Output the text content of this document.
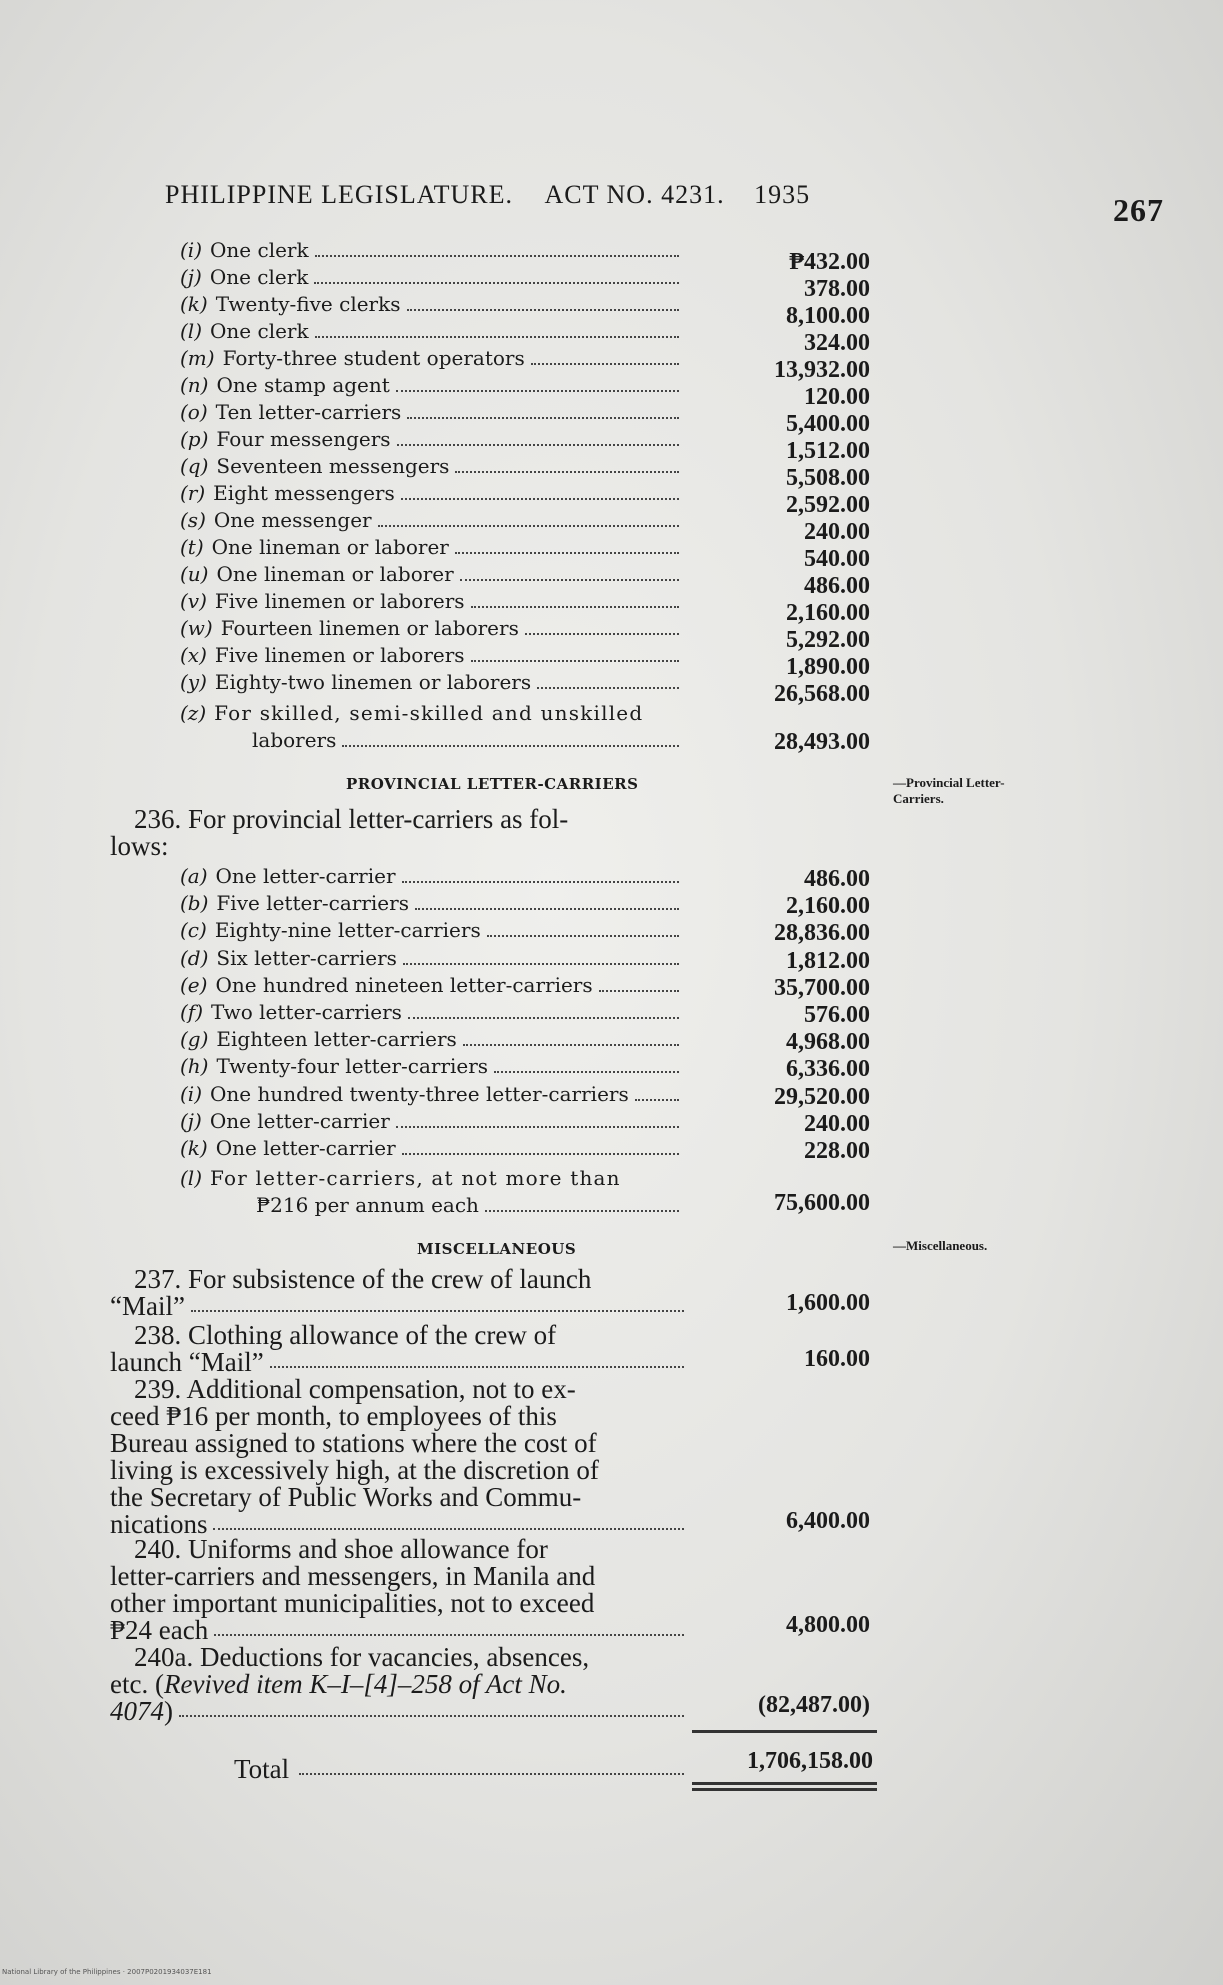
PHILIPPINE LEGISLATURE. ACT NO. 4231. 1935	267
(i) One clerk	₱432.00
(j) One clerk	378.00
(k) Twenty-five clerks	8,100.00
(l) One clerk	324.00
(m) Forty-three student operators	13,932.00
(n) One stamp agent	120.00
(o) Ten letter-carriers	5,400.00
(p) Four messengers	1,512.00
(q) Seventeen messengers	5,508.00
(r) Eight messengers	2,592.00
(s) One messenger	240.00
(t) One lineman or laborer	540.00
(u) One lineman or laborer	486.00
(v) Five linemen or laborers	2,160.00
(w) Fourteen linemen or laborers	5,292.00
(x) Five linemen or laborers	1,890.00
(y) Eighty-two linemen or laborers	26,568.00
(z) For skilled, semi-skilled and unskilled
laborers	28,493.00
PROVINCIAL LETTER-CARRIERS	—Provincial Letter-
Carriers.
236. For provincial letter-carriers as fol-
lows:
(a) One letter-carrier	486.00
(b) Five letter-carriers	2,160.00
(c) Eighty-nine letter-carriers	28,836.00
(d) Six letter-carriers	1,812.00
(e) One hundred nineteen letter-carriers	35,700.00
(f) Two letter-carriers	576.00
(g) Eighteen letter-carriers	4,968.00
(h) Twenty-four letter-carriers	6,336.00
(i) One hundred twenty-three letter-carriers	29,520.00
(j) One letter-carrier	240.00
(k) One letter-carrier	228.00
(l) For letter-carriers, at not more than
₱216 per annum each	75,600.00
MISCELLANEOUS	—Miscellaneous.
237. For subsistence of the crew of launch
“Mail”	1,600.00
238. Clothing allowance of the crew of
launch “Mail”	160.00
239. Additional compensation, not to ex-
ceed ₱16 per month, to employees of this
Bureau assigned to stations where the cost of
living is excessively high, at the discretion of
the Secretary of Public Works and Commu-
nications	6,400.00
240. Uniforms and shoe allowance for
letter-carriers and messengers, in Manila and
other important municipalities, not to exceed
₱24 each	4,800.00
240a. Deductions for vacancies, absences,
etc. (Revived item K–I–[4]–258 of Act No.
4074 )	(82,487.00)
Total	1,706,158.00
National Library of the Philippines · 2007P0201934037E181
